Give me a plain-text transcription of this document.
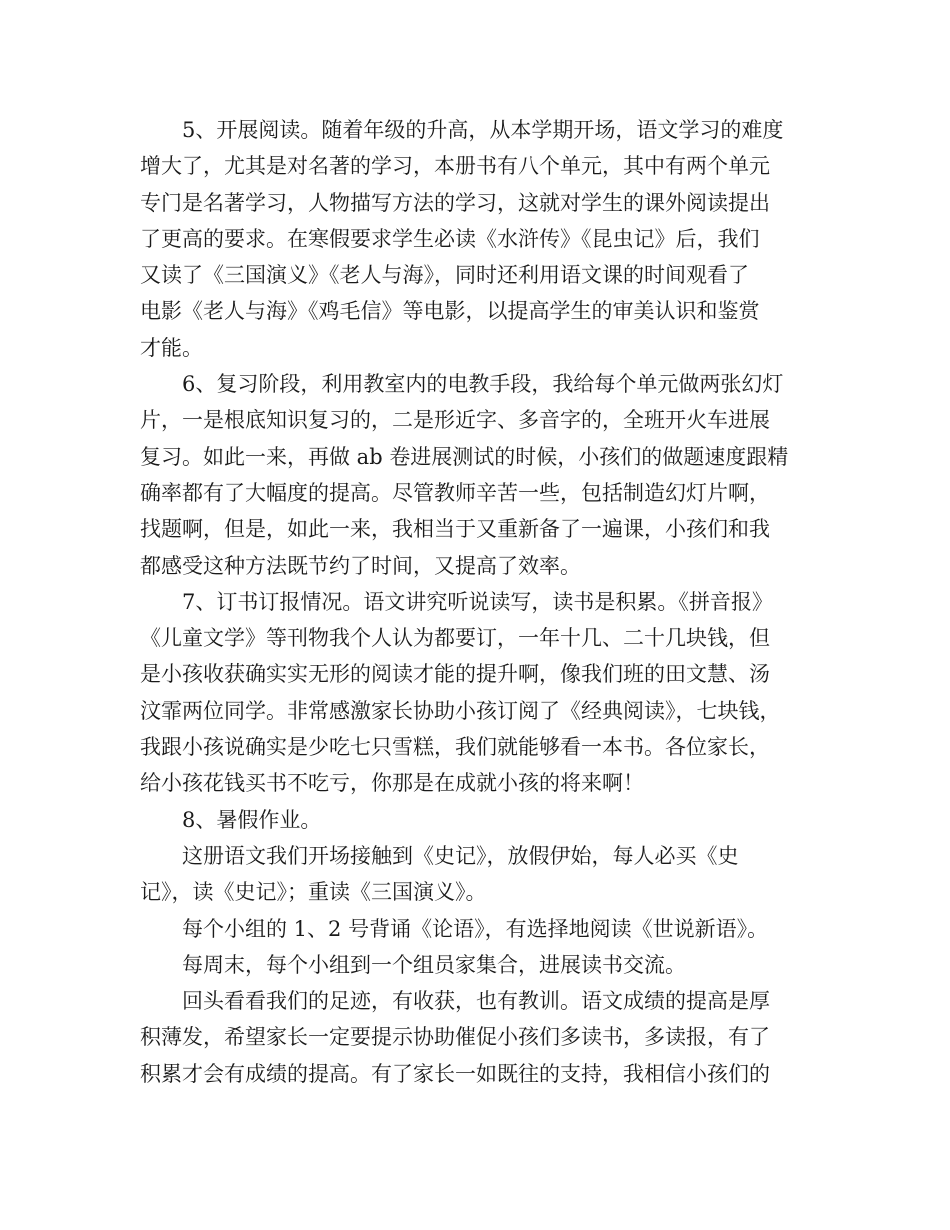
5、开展阅读。随着年级的升高，从本学期开场，语文学习的难度
增大了，尤其是对名著的学习，本册书有八个单元，其中有两个单元
专门是名著学习，人物描写方法的学习，这就对学生的课外阅读提出
了更高的要求。在寒假要求学生必读《水浒传》《昆虫记》后，我们
又读了《三国演义》《老人与海》，同时还利用语文课的时间观看了
电影《老人与海》《鸡毛信》等电影，以提高学生的审美认识和鉴赏
才能。

6、复习阶段，利用教室内的电教手段，我给每个单元做两张幻灯
片，一是根底知识复习的，二是形近字、多音字的，全班开火车进展
复习。如此一来，再做 ab 卷进展测试的时候，小孩们的做题速度跟精
确率都有了大幅度的提高。尽管教师辛苦一些，包括制造幻灯片啊，
找题啊，但是，如此一来，我相当于又重新备了一遍课，小孩们和我
都感受这种方法既节约了时间，又提高了效率。

7、订书订报情况。语文讲究听说读写，读书是积累。《拼音报》
《儿童文学》等刊物我个人认为都要订，一年十几、二十几块钱，但
是小孩收获确实实无形的阅读才能的提升啊，像我们班的田文慧、汤
汶霏两位同学。非常感激家长协助小孩订阅了《经典阅读》，七块钱，
我跟小孩说确实是少吃七只雪糕，我们就能够看一本书。各位家长，
给小孩花钱买书不吃亏，你那是在成就小孩的将来啊！

8、暑假作业。

这册语文我们开场接触到《史记》，放假伊始，每人必买《史
记》，读《史记》；重读《三国演义》。

每个小组的 1、2 号背诵《论语》，有选择地阅读《世说新语》。

每周末，每个小组到一个组员家集合，进展读书交流。

回头看看我们的足迹，有收获，也有教训。语文成绩的提高是厚
积薄发，希望家长一定要提示协助催促小孩们多读书，多读报，有了
积累才会有成绩的提高。有了家长一如既往的支持，我相信小孩们的
